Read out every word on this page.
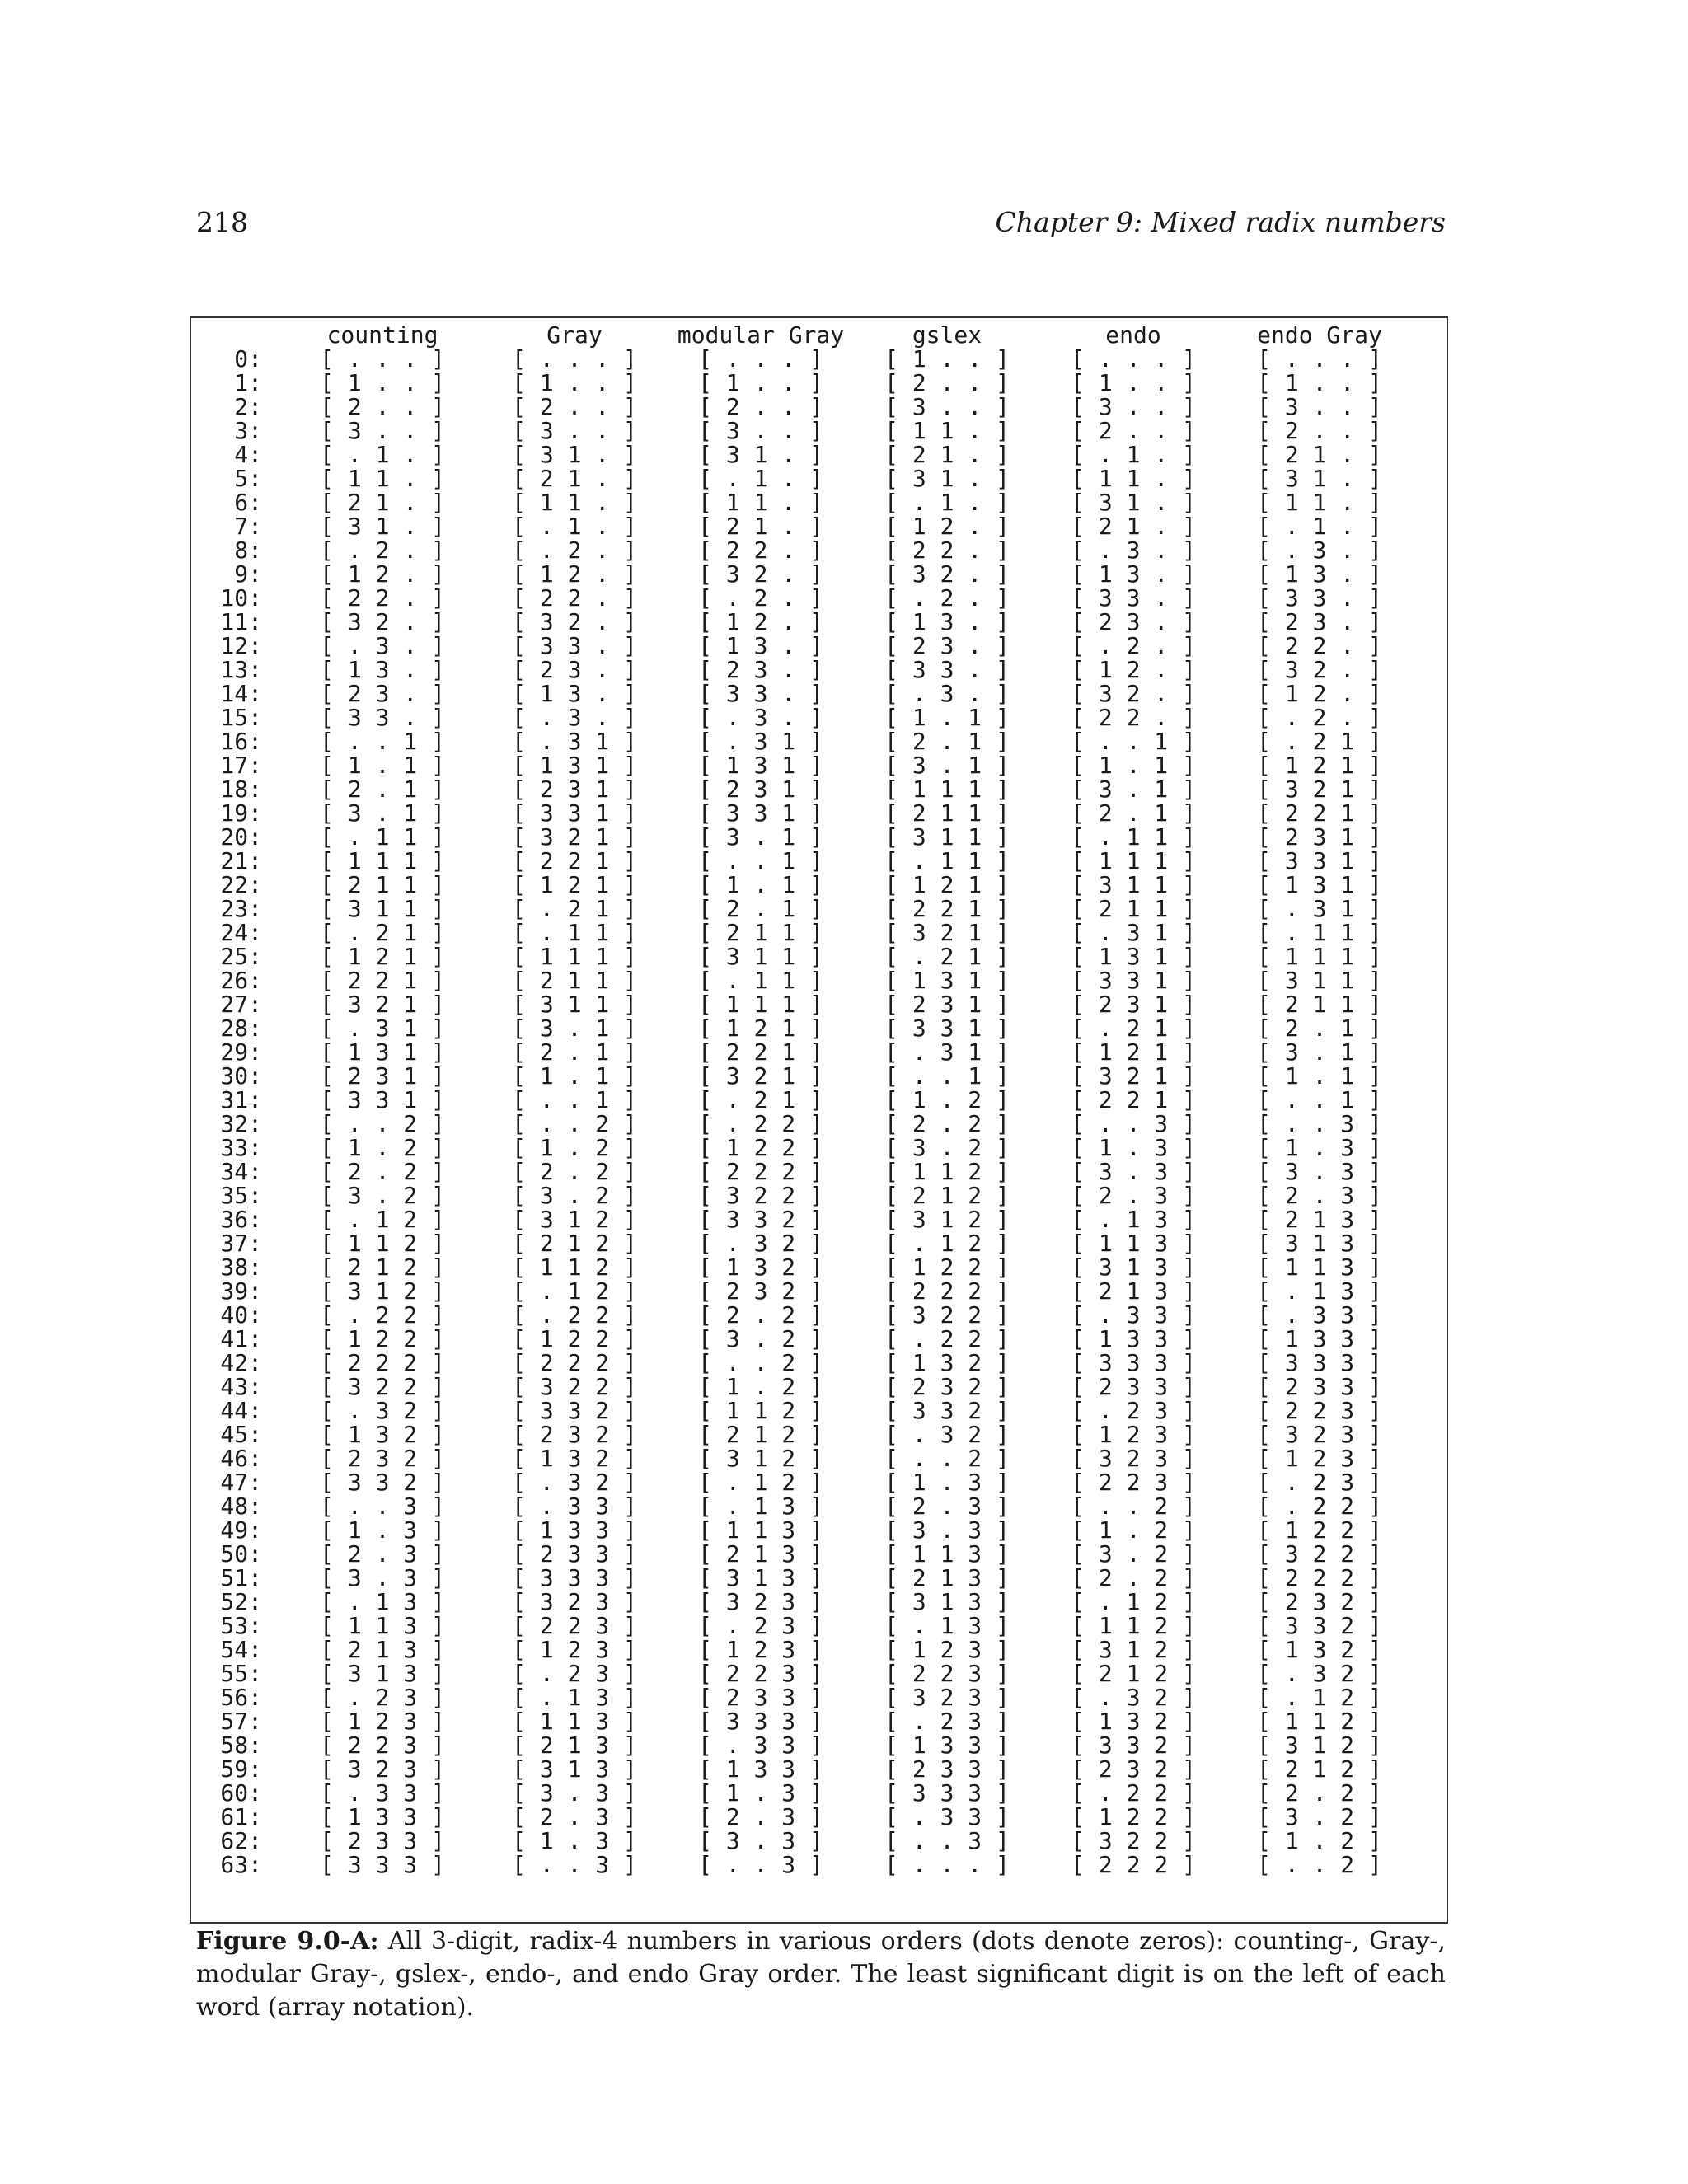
218	Chapter 9: Mixed radix numbers
	counting	Gray	modular Gray	gslex	endo	endo Gray
0:	[ . . . ]	[ . . . ]	[ . . . ]	[ 1 . . ]	[ . . . ]	[ . . . ]
1:	[ 1 . . ]	[ 1 . . ]	[ 1 . . ]	[ 2 . . ]	[ 1 . . ]	[ 1 . . ]
2:	[ 2 . . ]	[ 2 . . ]	[ 2 . . ]	[ 3 . . ]	[ 3 . . ]	[ 3 . . ]
3:	[ 3 . . ]	[ 3 . . ]	[ 3 . . ]	[ 1 1 . ]	[ 2 . . ]	[ 2 . . ]
4:	[ . 1 . ]	[ 3 1 . ]	[ 3 1 . ]	[ 2 1 . ]	[ . 1 . ]	[ 2 1 . ]
5:	[ 1 1 . ]	[ 2 1 . ]	[ . 1 . ]	[ 3 1 . ]	[ 1 1 . ]	[ 3 1 . ]
6:	[ 2 1 . ]	[ 1 1 . ]	[ 1 1 . ]	[ . 1 . ]	[ 3 1 . ]	[ 1 1 . ]
7:	[ 3 1 . ]	[ . 1 . ]	[ 2 1 . ]	[ 1 2 . ]	[ 2 1 . ]	[ . 1 . ]
8:	[ . 2 . ]	[ . 2 . ]	[ 2 2 . ]	[ 2 2 . ]	[ . 3 . ]	[ . 3 . ]
9:	[ 1 2 . ]	[ 1 2 . ]	[ 3 2 . ]	[ 3 2 . ]	[ 1 3 . ]	[ 1 3 . ]
10:	[ 2 2 . ]	[ 2 2 . ]	[ . 2 . ]	[ . 2 . ]	[ 3 3 . ]	[ 3 3 . ]
11:	[ 3 2 . ]	[ 3 2 . ]	[ 1 2 . ]	[ 1 3 . ]	[ 2 3 . ]	[ 2 3 . ]
12:	[ . 3 . ]	[ 3 3 . ]	[ 1 3 . ]	[ 2 3 . ]	[ . 2 . ]	[ 2 2 . ]
13:	[ 1 3 . ]	[ 2 3 . ]	[ 2 3 . ]	[ 3 3 . ]	[ 1 2 . ]	[ 3 2 . ]
14:	[ 2 3 . ]	[ 1 3 . ]	[ 3 3 . ]	[ . 3 . ]	[ 3 2 . ]	[ 1 2 . ]
15:	[ 3 3 . ]	[ . 3 . ]	[ . 3 . ]	[ 1 . 1 ]	[ 2 2 . ]	[ . 2 . ]
16:	[ . . 1 ]	[ . 3 1 ]	[ . 3 1 ]	[ 2 . 1 ]	[ . . 1 ]	[ . 2 1 ]
17:	[ 1 . 1 ]	[ 1 3 1 ]	[ 1 3 1 ]	[ 3 . 1 ]	[ 1 . 1 ]	[ 1 2 1 ]
18:	[ 2 . 1 ]	[ 2 3 1 ]	[ 2 3 1 ]	[ 1 1 1 ]	[ 3 . 1 ]	[ 3 2 1 ]
19:	[ 3 . 1 ]	[ 3 3 1 ]	[ 3 3 1 ]	[ 2 1 1 ]	[ 2 . 1 ]	[ 2 2 1 ]
20:	[ . 1 1 ]	[ 3 2 1 ]	[ 3 . 1 ]	[ 3 1 1 ]	[ . 1 1 ]	[ 2 3 1 ]
21:	[ 1 1 1 ]	[ 2 2 1 ]	[ . . 1 ]	[ . 1 1 ]	[ 1 1 1 ]	[ 3 3 1 ]
22:	[ 2 1 1 ]	[ 1 2 1 ]	[ 1 . 1 ]	[ 1 2 1 ]	[ 3 1 1 ]	[ 1 3 1 ]
23:	[ 3 1 1 ]	[ . 2 1 ]	[ 2 . 1 ]	[ 2 2 1 ]	[ 2 1 1 ]	[ . 3 1 ]
24:	[ . 2 1 ]	[ . 1 1 ]	[ 2 1 1 ]	[ 3 2 1 ]	[ . 3 1 ]	[ . 1 1 ]
25:	[ 1 2 1 ]	[ 1 1 1 ]	[ 3 1 1 ]	[ . 2 1 ]	[ 1 3 1 ]	[ 1 1 1 ]
26:	[ 2 2 1 ]	[ 2 1 1 ]	[ . 1 1 ]	[ 1 3 1 ]	[ 3 3 1 ]	[ 3 1 1 ]
27:	[ 3 2 1 ]	[ 3 1 1 ]	[ 1 1 1 ]	[ 2 3 1 ]	[ 2 3 1 ]	[ 2 1 1 ]
28:	[ . 3 1 ]	[ 3 . 1 ]	[ 1 2 1 ]	[ 3 3 1 ]	[ . 2 1 ]	[ 2 . 1 ]
29:	[ 1 3 1 ]	[ 2 . 1 ]	[ 2 2 1 ]	[ . 3 1 ]	[ 1 2 1 ]	[ 3 . 1 ]
30:	[ 2 3 1 ]	[ 1 . 1 ]	[ 3 2 1 ]	[ . . 1 ]	[ 3 2 1 ]	[ 1 . 1 ]
31:	[ 3 3 1 ]	[ . . 1 ]	[ . 2 1 ]	[ 1 . 2 ]	[ 2 2 1 ]	[ . . 1 ]
32:	[ . . 2 ]	[ . . 2 ]	[ . 2 2 ]	[ 2 . 2 ]	[ . . 3 ]	[ . . 3 ]
33:	[ 1 . 2 ]	[ 1 . 2 ]	[ 1 2 2 ]	[ 3 . 2 ]	[ 1 . 3 ]	[ 1 . 3 ]
34:	[ 2 . 2 ]	[ 2 . 2 ]	[ 2 2 2 ]	[ 1 1 2 ]	[ 3 . 3 ]	[ 3 . 3 ]
35:	[ 3 . 2 ]	[ 3 . 2 ]	[ 3 2 2 ]	[ 2 1 2 ]	[ 2 . 3 ]	[ 2 . 3 ]
36:	[ . 1 2 ]	[ 3 1 2 ]	[ 3 3 2 ]	[ 3 1 2 ]	[ . 1 3 ]	[ 2 1 3 ]
37:	[ 1 1 2 ]	[ 2 1 2 ]	[ . 3 2 ]	[ . 1 2 ]	[ 1 1 3 ]	[ 3 1 3 ]
38:	[ 2 1 2 ]	[ 1 1 2 ]	[ 1 3 2 ]	[ 1 2 2 ]	[ 3 1 3 ]	[ 1 1 3 ]
39:	[ 3 1 2 ]	[ . 1 2 ]	[ 2 3 2 ]	[ 2 2 2 ]	[ 2 1 3 ]	[ . 1 3 ]
40:	[ . 2 2 ]	[ . 2 2 ]	[ 2 . 2 ]	[ 3 2 2 ]	[ . 3 3 ]	[ . 3 3 ]
41:	[ 1 2 2 ]	[ 1 2 2 ]	[ 3 . 2 ]	[ . 2 2 ]	[ 1 3 3 ]	[ 1 3 3 ]
42:	[ 2 2 2 ]	[ 2 2 2 ]	[ . . 2 ]	[ 1 3 2 ]	[ 3 3 3 ]	[ 3 3 3 ]
43:	[ 3 2 2 ]	[ 3 2 2 ]	[ 1 . 2 ]	[ 2 3 2 ]	[ 2 3 3 ]	[ 2 3 3 ]
44:	[ . 3 2 ]	[ 3 3 2 ]	[ 1 1 2 ]	[ 3 3 2 ]	[ . 2 3 ]	[ 2 2 3 ]
45:	[ 1 3 2 ]	[ 2 3 2 ]	[ 2 1 2 ]	[ . 3 2 ]	[ 1 2 3 ]	[ 3 2 3 ]
46:	[ 2 3 2 ]	[ 1 3 2 ]	[ 3 1 2 ]	[ . . 2 ]	[ 3 2 3 ]	[ 1 2 3 ]
47:	[ 3 3 2 ]	[ . 3 2 ]	[ . 1 2 ]	[ 1 . 3 ]	[ 2 2 3 ]	[ . 2 3 ]
48:	[ . . 3 ]	[ . 3 3 ]	[ . 1 3 ]	[ 2 . 3 ]	[ . . 2 ]	[ . 2 2 ]
49:	[ 1 . 3 ]	[ 1 3 3 ]	[ 1 1 3 ]	[ 3 . 3 ]	[ 1 . 2 ]	[ 1 2 2 ]
50:	[ 2 . 3 ]	[ 2 3 3 ]	[ 2 1 3 ]	[ 1 1 3 ]	[ 3 . 2 ]	[ 3 2 2 ]
51:	[ 3 . 3 ]	[ 3 3 3 ]	[ 3 1 3 ]	[ 2 1 3 ]	[ 2 . 2 ]	[ 2 2 2 ]
52:	[ . 1 3 ]	[ 3 2 3 ]	[ 3 2 3 ]	[ 3 1 3 ]	[ . 1 2 ]	[ 2 3 2 ]
53:	[ 1 1 3 ]	[ 2 2 3 ]	[ . 2 3 ]	[ . 1 3 ]	[ 1 1 2 ]	[ 3 3 2 ]
54:	[ 2 1 3 ]	[ 1 2 3 ]	[ 1 2 3 ]	[ 1 2 3 ]	[ 3 1 2 ]	[ 1 3 2 ]
55:	[ 3 1 3 ]	[ . 2 3 ]	[ 2 2 3 ]	[ 2 2 3 ]	[ 2 1 2 ]	[ . 3 2 ]
56:	[ . 2 3 ]	[ . 1 3 ]	[ 2 3 3 ]	[ 3 2 3 ]	[ . 3 2 ]	[ . 1 2 ]
57:	[ 1 2 3 ]	[ 1 1 3 ]	[ 3 3 3 ]	[ . 2 3 ]	[ 1 3 2 ]	[ 1 1 2 ]
58:	[ 2 2 3 ]	[ 2 1 3 ]	[ . 3 3 ]	[ 1 3 3 ]	[ 3 3 2 ]	[ 3 1 2 ]
59:	[ 3 2 3 ]	[ 3 1 3 ]	[ 1 3 3 ]	[ 2 3 3 ]	[ 2 3 2 ]	[ 2 1 2 ]
60:	[ . 3 3 ]	[ 3 . 3 ]	[ 1 . 3 ]	[ 3 3 3 ]	[ . 2 2 ]	[ 2 . 2 ]
61:	[ 1 3 3 ]	[ 2 . 3 ]	[ 2 . 3 ]	[ . 3 3 ]	[ 1 2 2 ]	[ 3 . 2 ]
62:	[ 2 3 3 ]	[ 1 . 3 ]	[ 3 . 3 ]	[ . . 3 ]	[ 3 2 2 ]	[ 1 . 2 ]
63:	[ 3 3 3 ]	[ . . 3 ]	[ . . 3 ]	[ . . . ]	[ 2 2 2 ]	[ . . 2 ]
Figure 9.0-A: All 3-digit, radix-4 numbers in various orders (dots denote zeros): counting-, Gray-, modular Gray-, gslex-, endo-, and endo Gray order. The least significant digit is on the left of each word (array notation).
